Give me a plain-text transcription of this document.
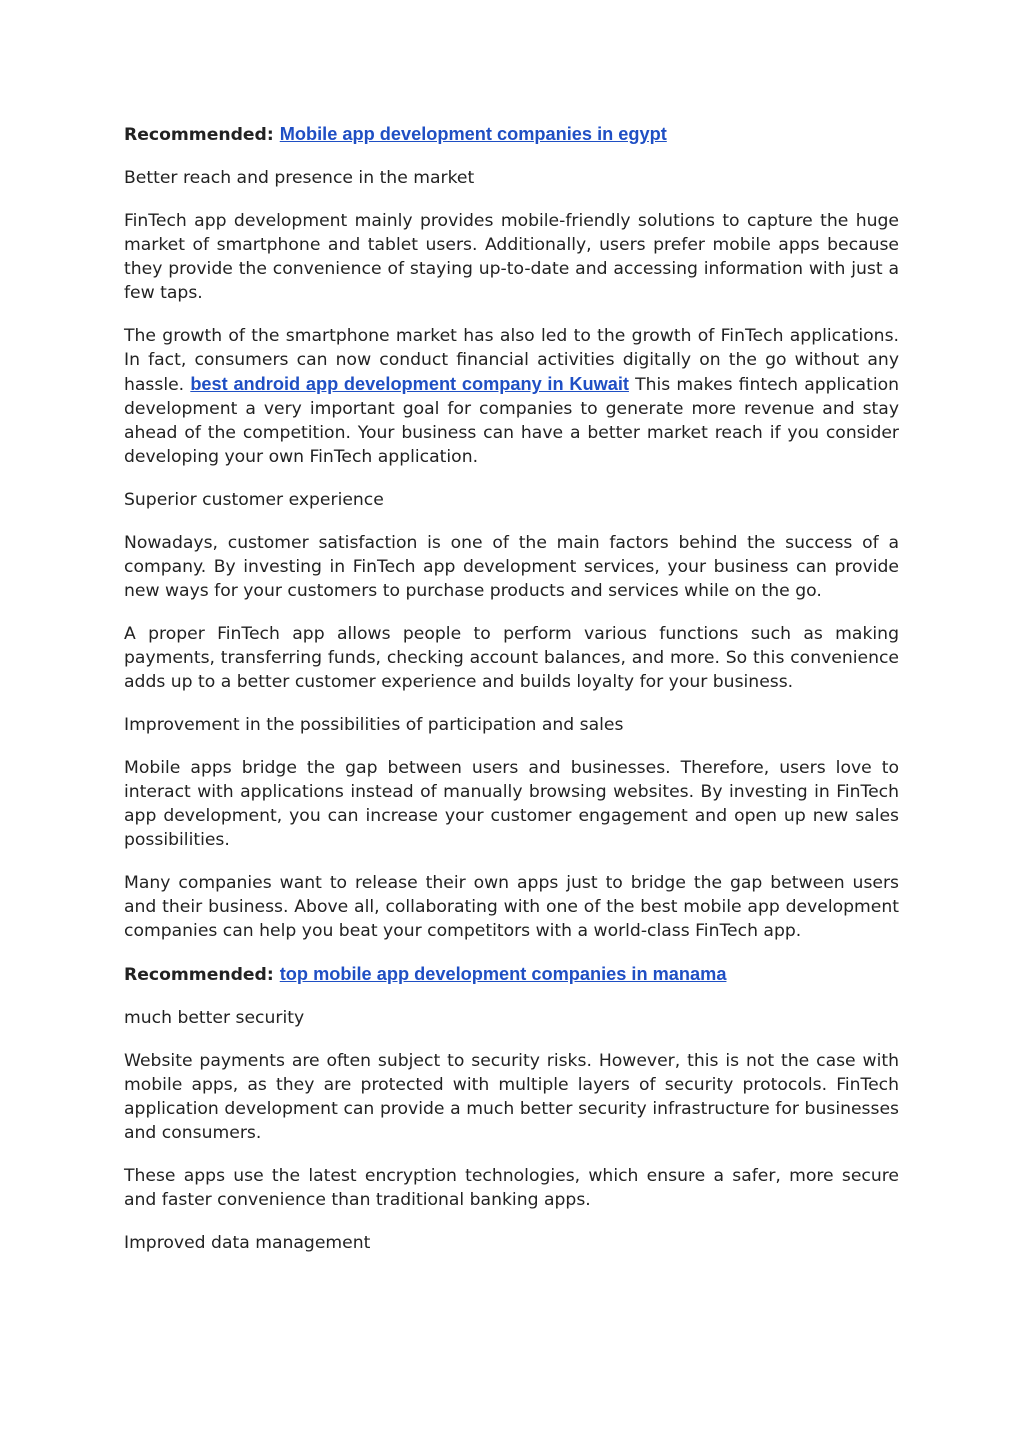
Recommended: Mobile app development companies in egypt

Better reach and presence in the market

FinTech app development mainly provides mobile-friendly solutions to capture the huge market of smartphone and tablet users. Additionally, users prefer mobile apps because they provide the convenience of staying up-to-date and accessing information with just a few taps.

The growth of the smartphone market has also led to the growth of FinTech applications. In fact, consumers can now conduct financial activities digitally on the go without any hassle. best android app development company in Kuwait This makes fintech application development a very important goal for companies to generate more revenue and stay ahead of the competition. Your business can have a better market reach if you consider developing your own FinTech application.

Superior customer experience

Nowadays, customer satisfaction is one of the main factors behind the success of a company. By investing in FinTech app development services, your business can provide new ways for your customers to purchase products and services while on the go.

A proper FinTech app allows people to perform various functions such as making payments, transferring funds, checking account balances, and more. So this convenience adds up to a better customer experience and builds loyalty for your business.

Improvement in the possibilities of participation and sales

Mobile apps bridge the gap between users and businesses. Therefore, users love to interact with applications instead of manually browsing websites. By investing in FinTech app development, you can increase your customer engagement and open up new sales possibilities.

Many companies want to release their own apps just to bridge the gap between users and their business. Above all, collaborating with one of the best mobile app development companies can help you beat your competitors with a world-class FinTech app.

Recommended: top mobile app development companies in manama

much better security

Website payments are often subject to security risks. However, this is not the case with mobile apps, as they are protected with multiple layers of security protocols. FinTech application development can provide a much better security infrastructure for businesses and consumers.

These apps use the latest encryption technologies, which ensure a safer, more secure and faster convenience than traditional banking apps.

Improved data management
